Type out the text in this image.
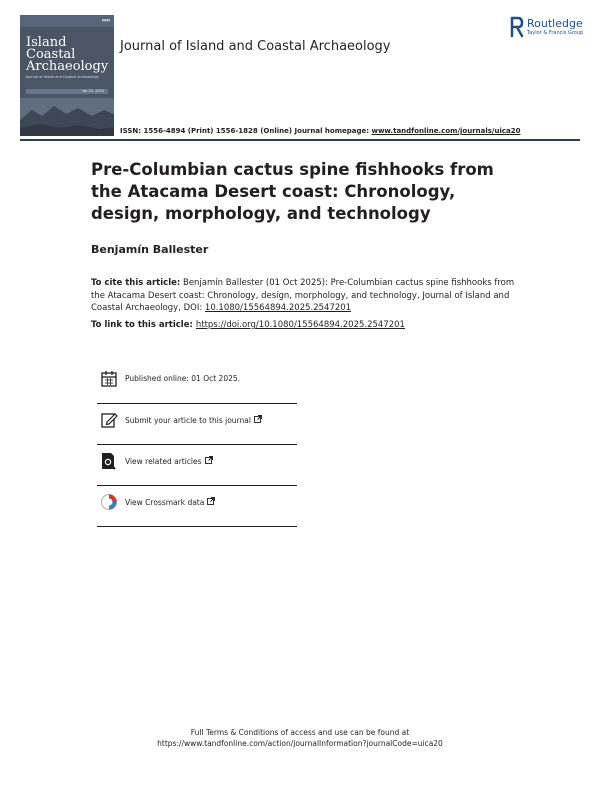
▮▮▮▮▮
Island
Coastal
Archaeology
Journal of Island and Coastal Archaeology
Vol 20, 2025
Journal of Island and Coastal Archaeology
Routledge
Taylor & Francis Group
ISSN: 1556-4894 (Print) 1556-1828 (Online) Journal homepage: www.tandfonline.com/journals/uica20
Pre-Columbian cactus spine fishhooks from the Atacama Desert coast: Chronology, design, morphology, and technology
Benjamín Ballester
To cite this article: Benjamín Ballester (01 Oct 2025): Pre-Columbian cactus spine fishhooks from the Atacama Desert coast: Chronology, design, morphology, and technology, Journal of Island and Coastal Archaeology, DOI: 10.1080/15564894.2025.2547201
To link to this article: https://doi.org/10.1080/15564894.2025.2547201
Published online: 01 Oct 2025.
Submit your article to this journal
View related articles
View Crossmark data
Full Terms & Conditions of access and use can be found at
https://www.tandfonline.com/action/journalInformation?journalCode=uica20
